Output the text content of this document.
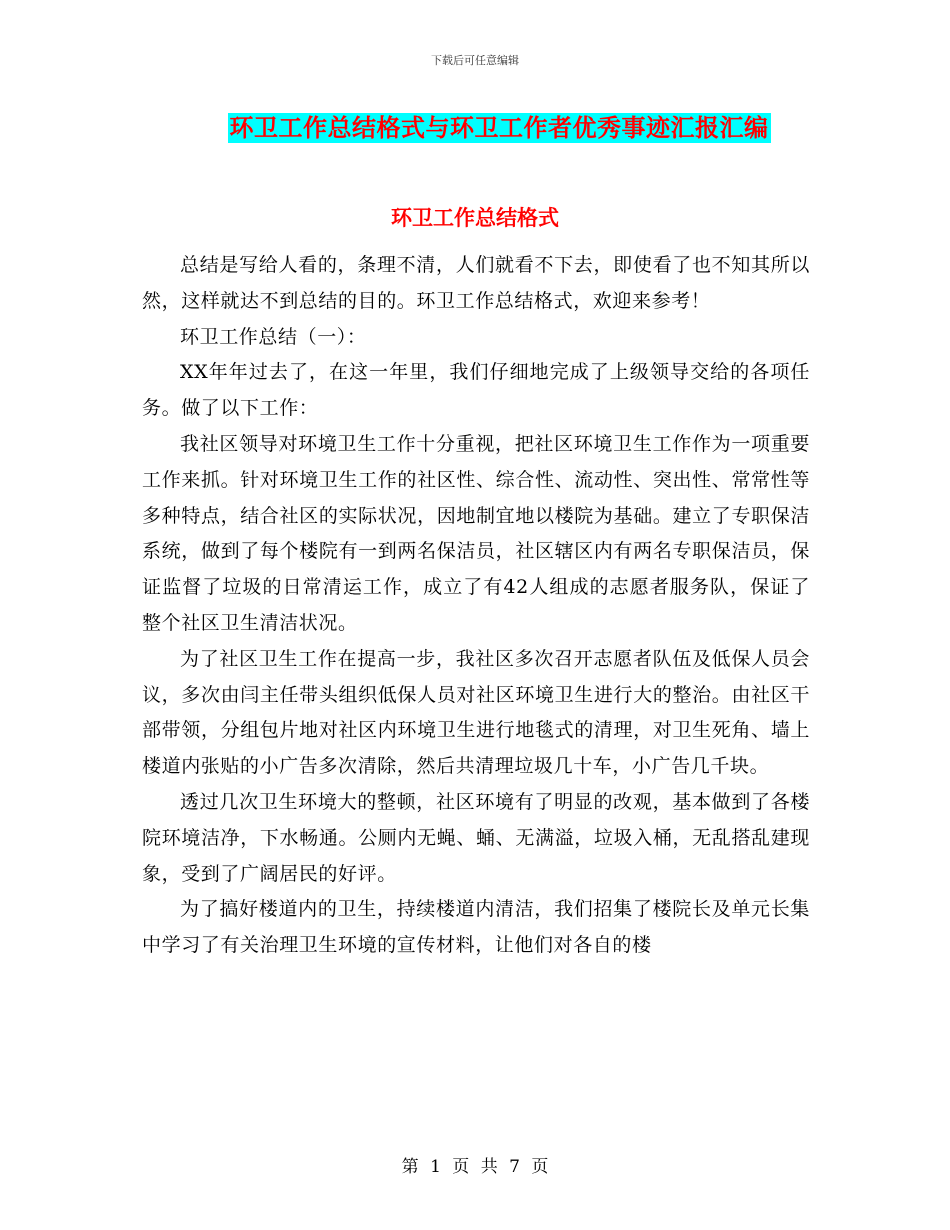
下载后可任意编辑
环卫工作总结格式与环卫工作者优秀事迹汇报汇编
环卫工作总结格式

总结是写给人看的，条理不清，人们就看不下去，即使看了也不知其所以然，这样就达不到总结的目的。环卫工作总结格式，欢迎来参考！

环卫工作总结（一）：

XX年年过去了，在这一年里，我们仔细地完成了上级领导交给的各项任务。做了以下工作：

我社区领导对环境卫生工作十分重视，把社区环境卫生工作作为一项重要工作来抓。针对环境卫生工作的社区性、综合性、流动性、突出性、常常性等多种特点，结合社区的实际状况，因地制宜地以楼院为基础。建立了专职保洁系统，做到了每个楼院有一到两名保洁员，社区辖区内有两名专职保洁员，保证监督了垃圾的日常清运工作，成立了有42人组成的志愿者服务队，保证了整个社区卫生清洁状况。

为了社区卫生工作在提高一步，我社区多次召开志愿者队伍及低保人员会议，多次由闫主任带头组织低保人员对社区环境卫生进行大的整治。由社区干部带领，分组包片地对社区内环境卫生进行地毯式的清理，对卫生死角、墙上楼道内张贴的小广告多次清除，然后共清理垃圾几十车，小广告几千块。

透过几次卫生环境大的整顿，社区环境有了明显的改观，基本做到了各楼院环境洁净，下水畅通。公厕内无蝇、蛹、无满溢，垃圾入桶，无乱搭乱建现象，受到了广阔居民的好评。

为了搞好楼道内的卫生，持续楼道内清洁，我们招集了楼院长及单元长集中学习了有关治理卫生环境的宣传材料，让他们对各自的楼

第 1 页 共 7 页
